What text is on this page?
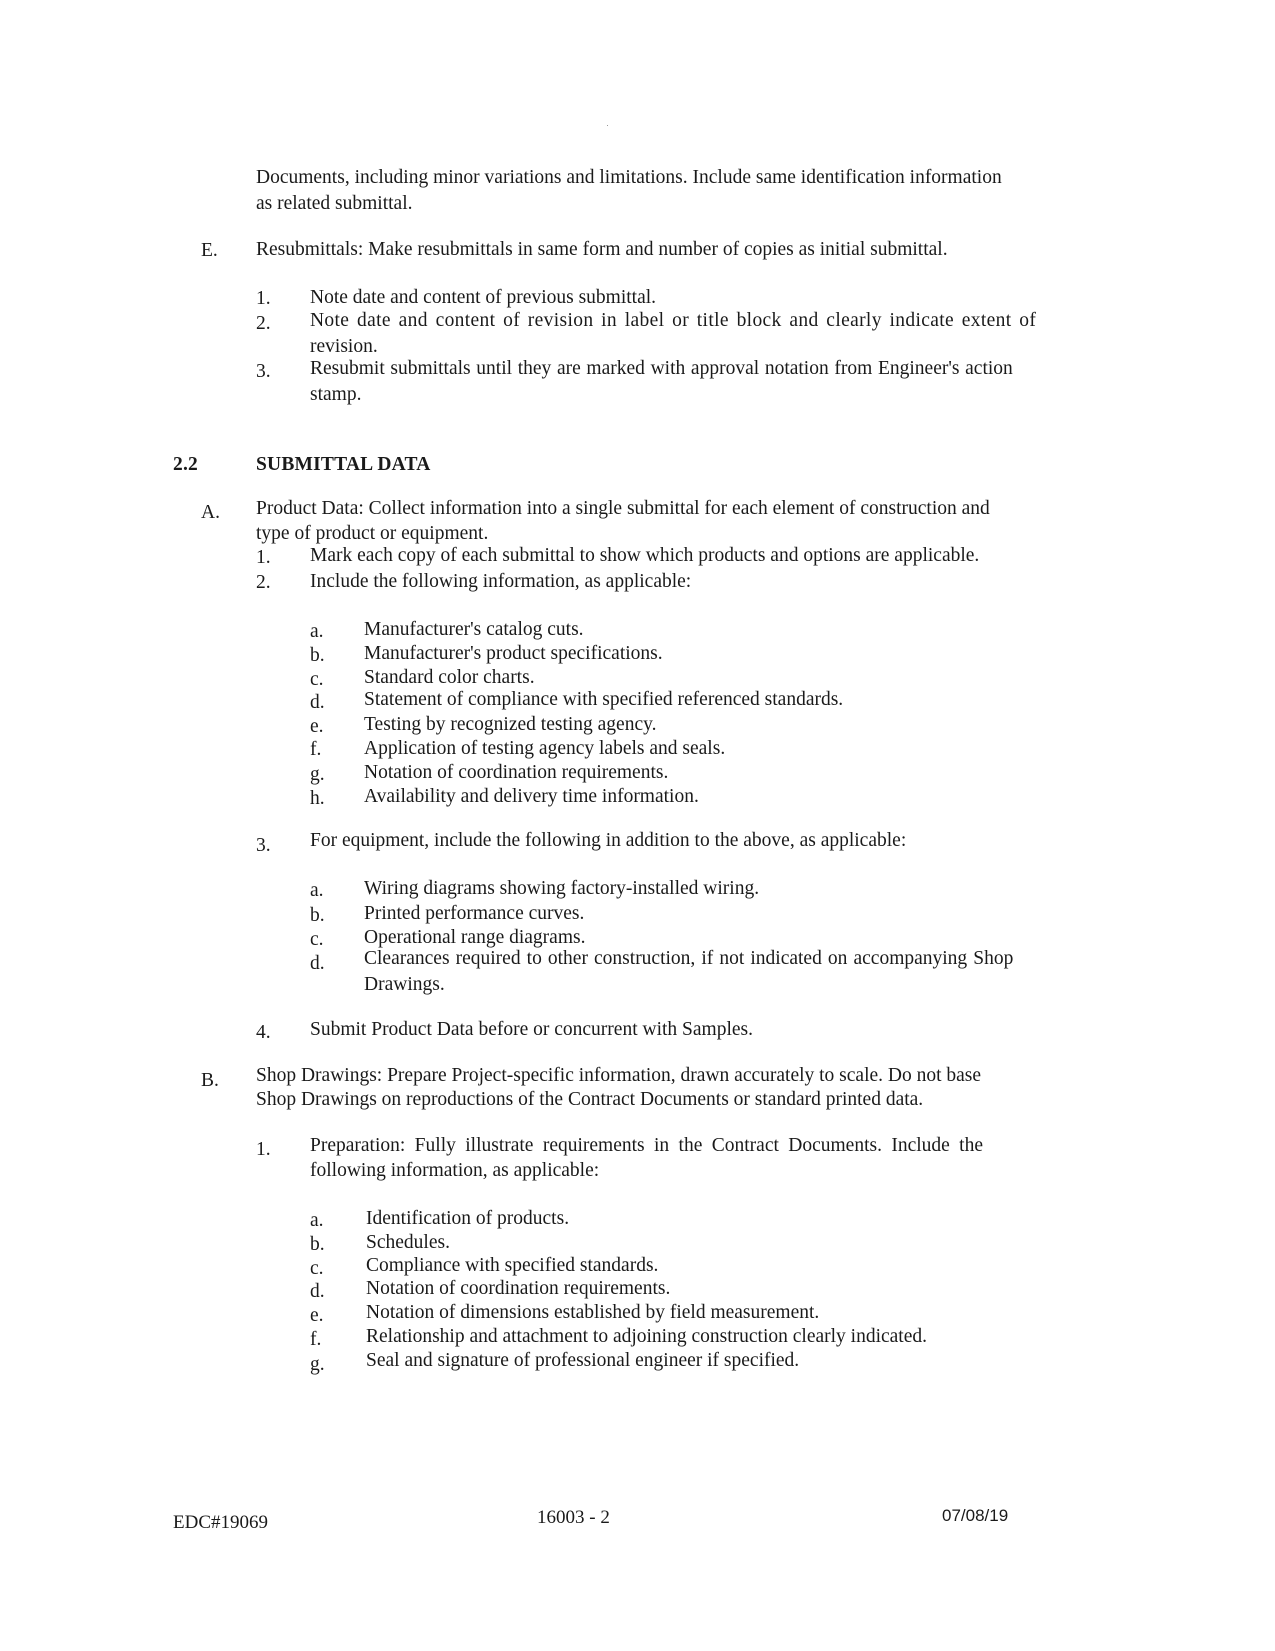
Documents, including minor variations and limitations. Include same identification information
as related submittal.
E. Resubmittals: Make resubmittals in same form and number of copies as initial submittal.
1. Note date and content of previous submittal.
2. Note date and content of revision in label or title block and clearly indicate extent of
revision.
3. Resubmit submittals until they are marked with approval notation from Engineer's action
stamp.
2.2	SUBMITTAL DATA
A. Product Data: Collect information into a single submittal for each element of construction and
type of product or equipment.
1. Mark each copy of each submittal to show which products and options are applicable.
2. Include the following information, as applicable:
a. Manufacturer's catalog cuts.
b. Manufacturer's product specifications.
c. Standard color charts.
d. Statement of compliance with specified referenced standards.
e. Testing by recognized testing agency.
f. Application of testing agency labels and seals.
g. Notation of coordination requirements.
h. Availability and delivery time information.
3. For equipment, include the following in addition to the above, as applicable:
a. Wiring diagrams showing factory-installed wiring.
b. Printed performance curves.
c. Operational range diagrams.
d. Clearances required to other construction, if not indicated on accompanying Shop
Drawings.
4. Submit Product Data before or concurrent with Samples.
B. Shop Drawings: Prepare Project-specific information, drawn accurately to scale. Do not base
Shop Drawings on reproductions of the Contract Documents or standard printed data.
1. Preparation: Fully illustrate requirements in the Contract Documents. Include the
following information, as applicable:
a. Identification of products.
b. Schedules.
c. Compliance with specified standards.
d. Notation of coordination requirements.
e. Notation of dimensions established by field measurement.
f. Relationship and attachment to adjoining construction clearly indicated.
g. Seal and signature of professional engineer if specified.
EDC#19069	16003 - 2	07/08/19
